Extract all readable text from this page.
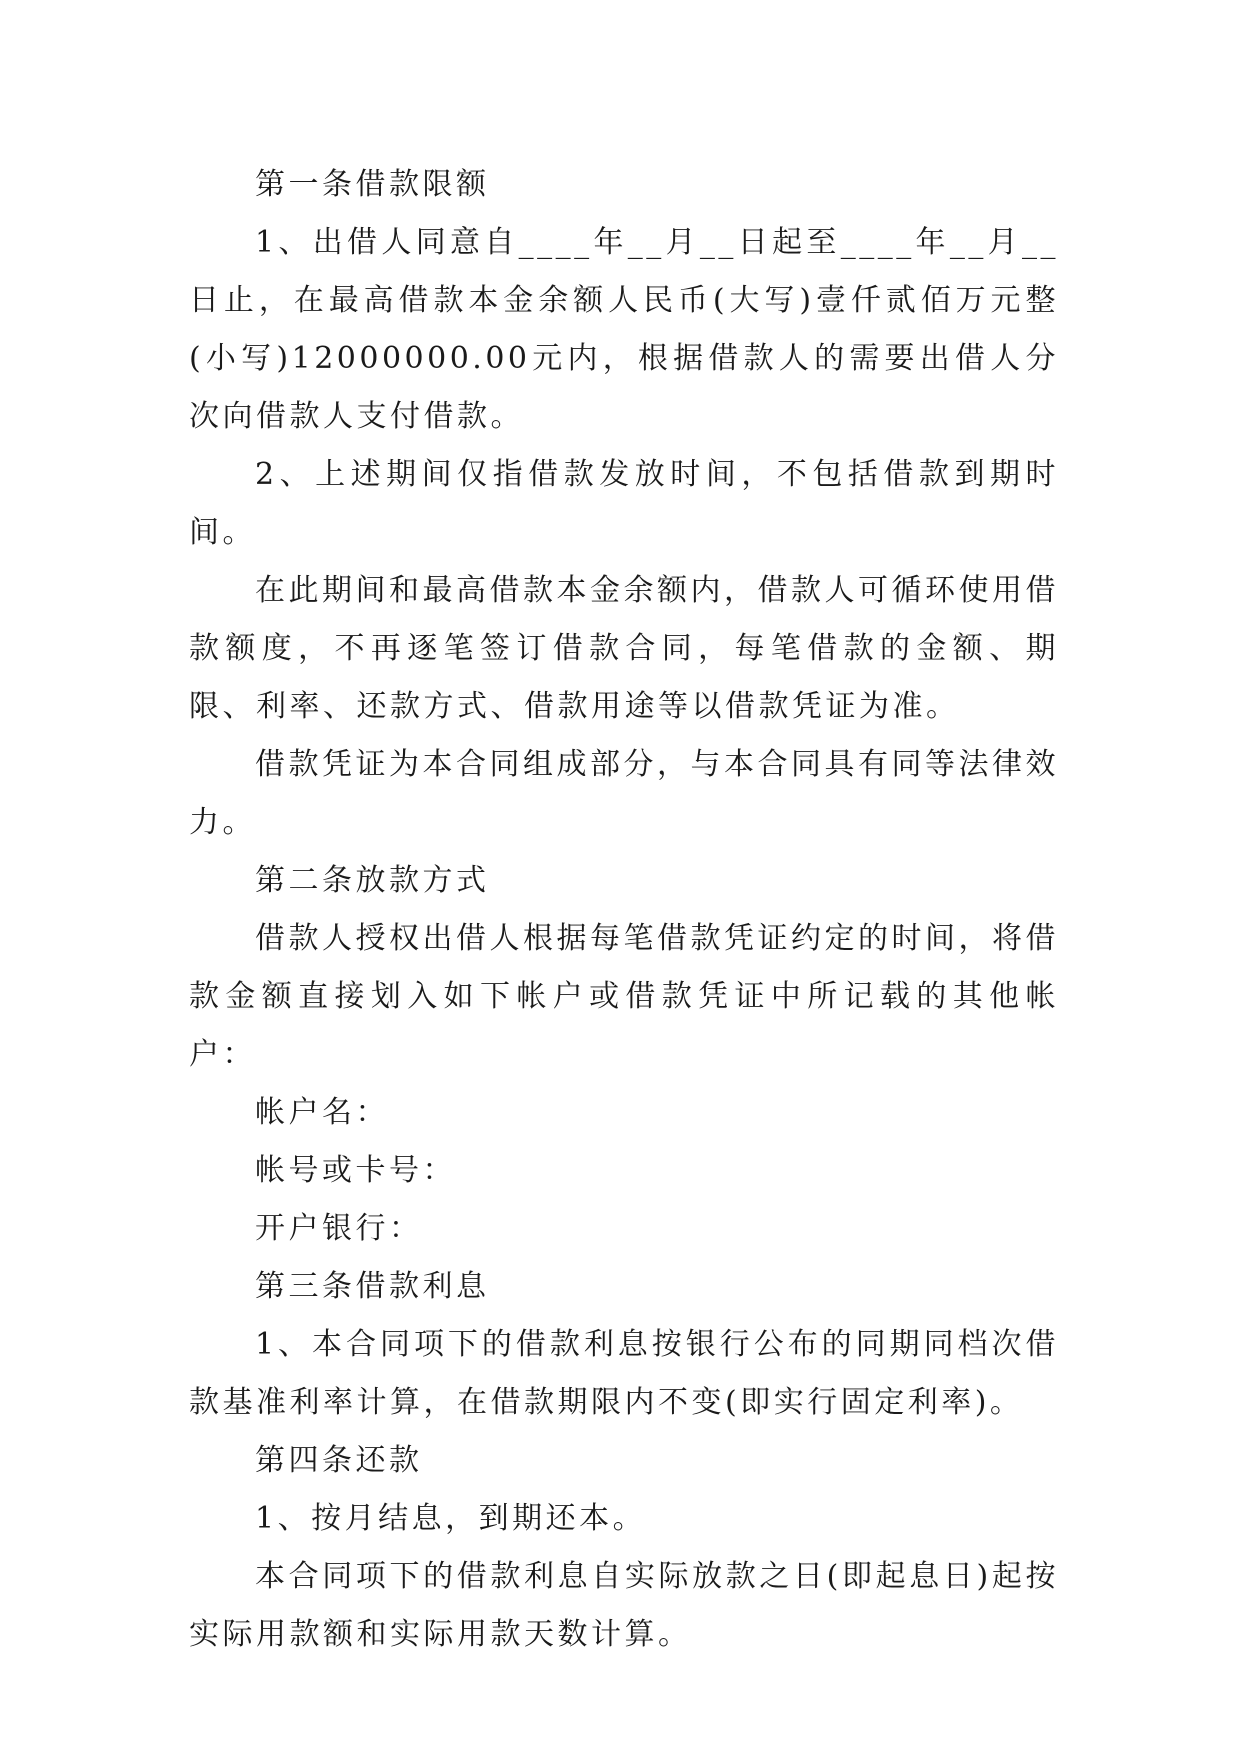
第一条借款限额

1、出借人同意自____年__月__日起至____年__月__日止，在最高借款本金余额人民币(大写)壹仟贰佰万元整(小写)12000000.00元内，根据借款人的需要出借人分次向借款人支付借款。

2、上述期间仅指借款发放时间，不包括借款到期时间。

在此期间和最高借款本金余额内，借款人可循环使用借款额度，不再逐笔签订借款合同，每笔借款的金额、期限、利率、还款方式、借款用途等以借款凭证为准。

借款凭证为本合同组成部分，与本合同具有同等法律效力。

第二条放款方式

借款人授权出借人根据每笔借款凭证约定的时间，将借款金额直接划入如下帐户或借款凭证中所记载的其他帐户：

帐户名：

帐号或卡号：

开户银行：

第三条借款利息

1、本合同项下的借款利息按银行公布的同期同档次借款基准利率计算，在借款期限内不变(即实行固定利率)。

第四条还款

1、按月结息，到期还本。

本合同项下的借款利息自实际放款之日(即起息日)起按实际用款额和实际用款天数计算。
